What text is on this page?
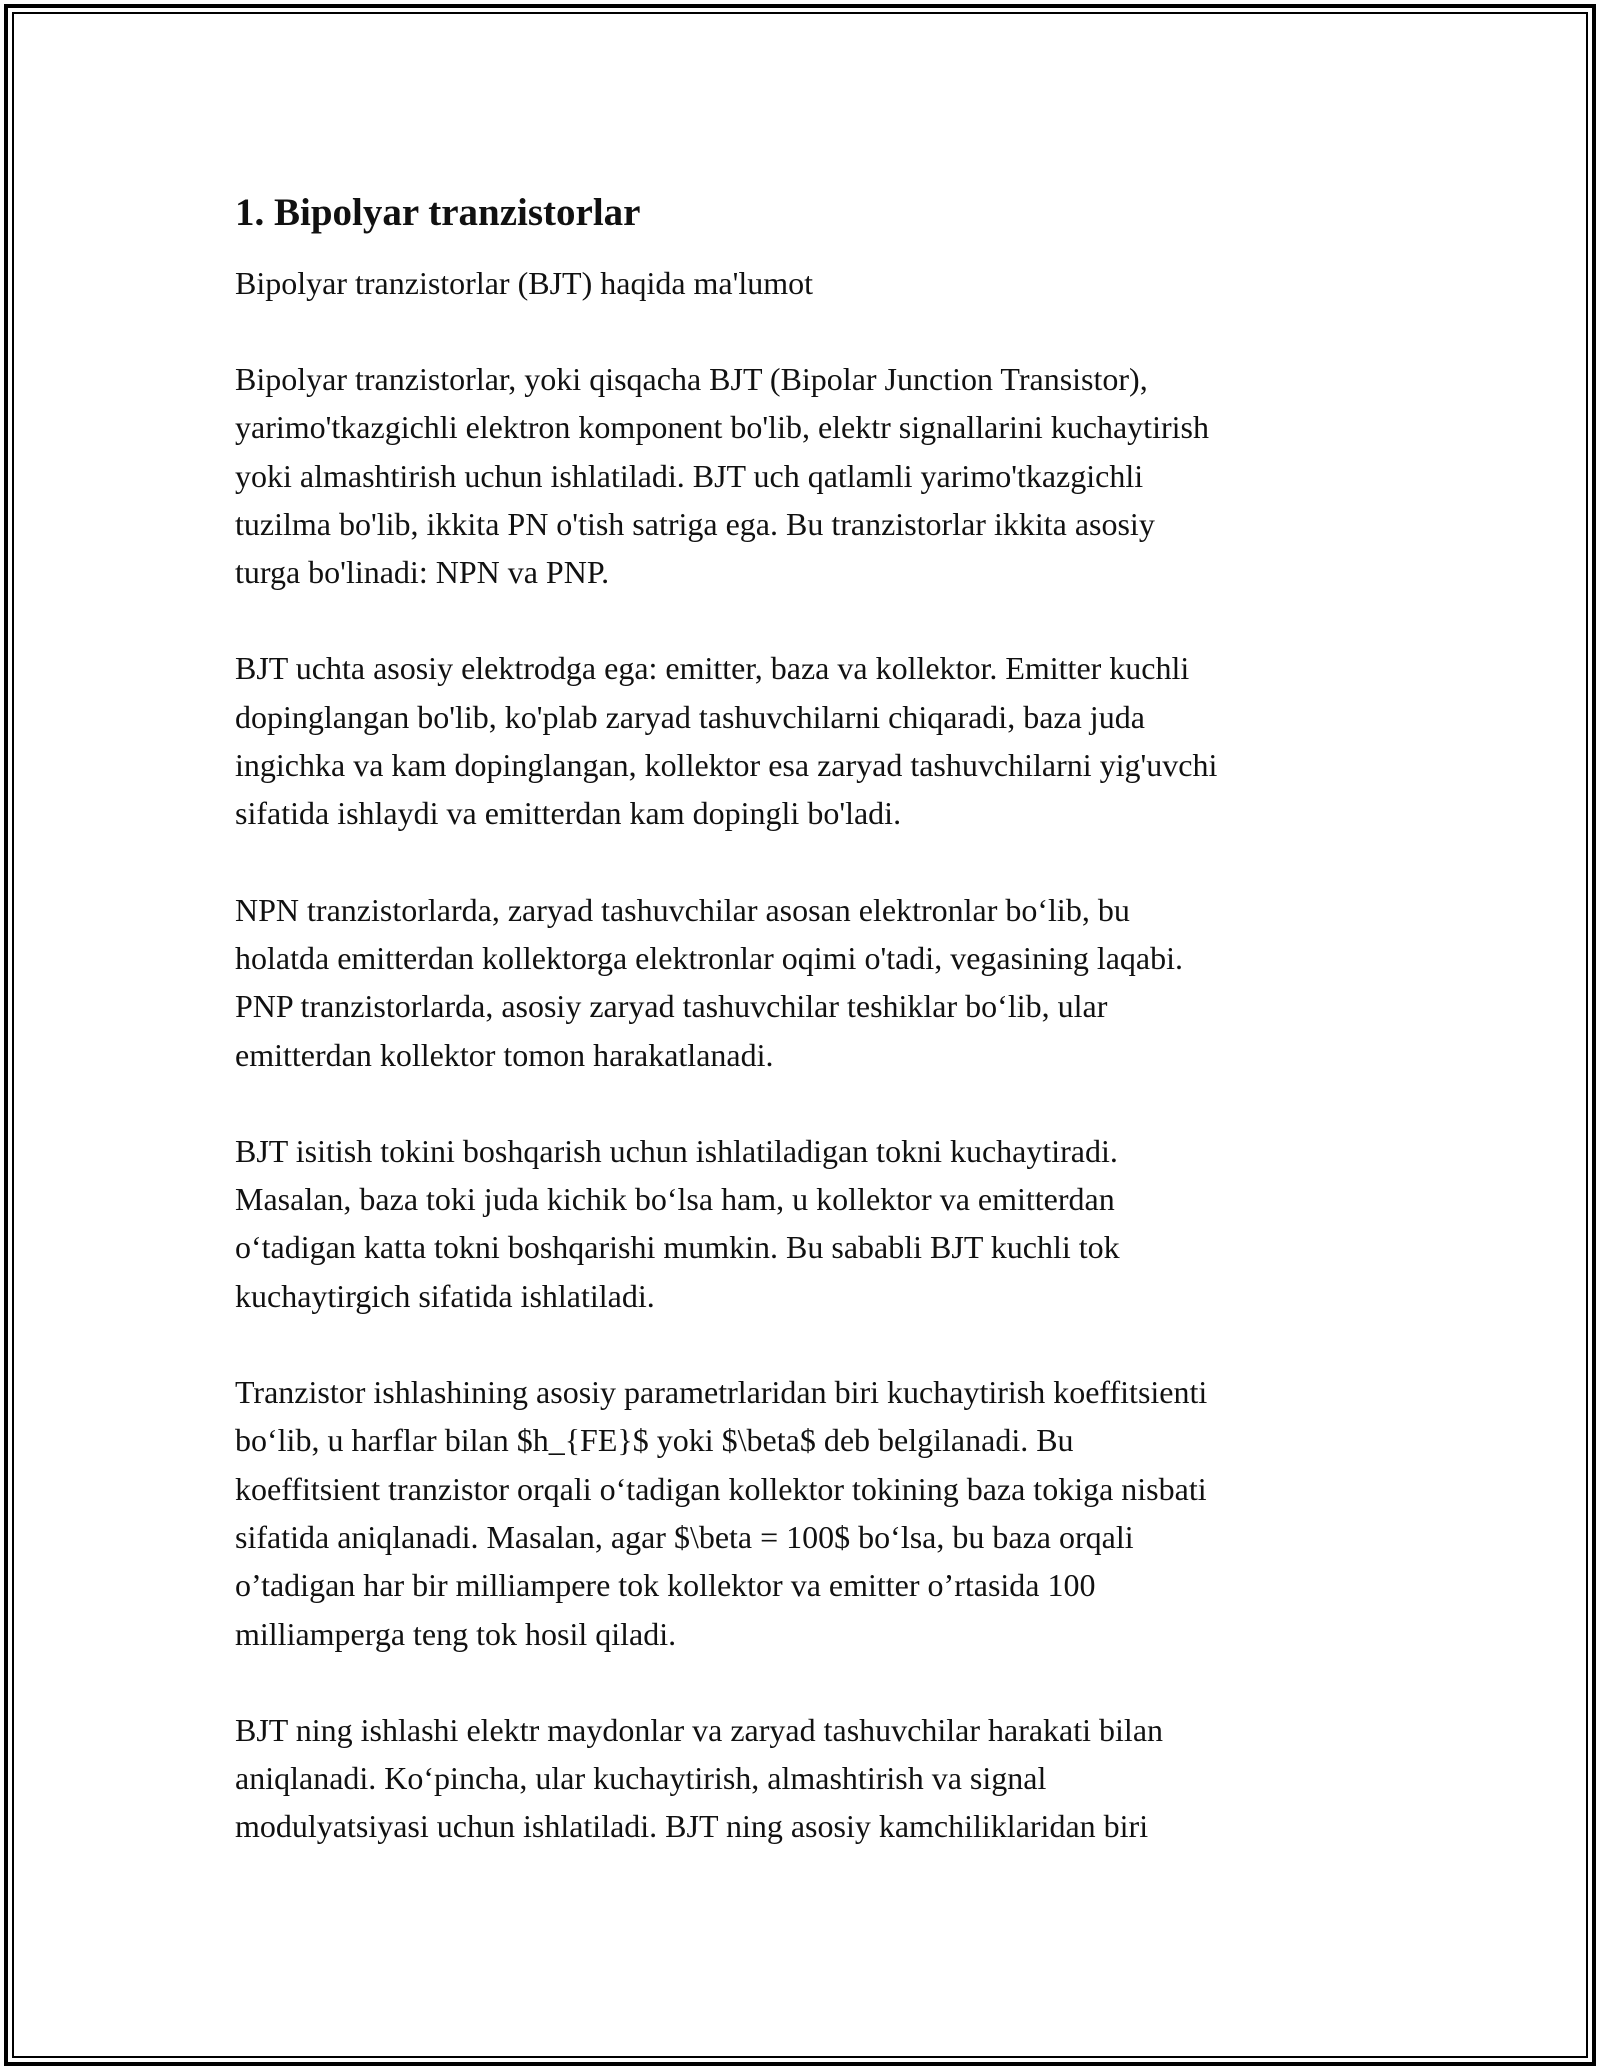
1. Bipolyar tranzistorlar
Bipolyar tranzistorlar (BJT) haqida ma'lumot
Bipolyar tranzistorlar, yoki qisqacha BJT (Bipolar Junction Transistor),
yarimo'tkazgichli elektron komponent bo'lib, elektr signallarini kuchaytirish
yoki almashtirish uchun ishlatiladi. BJT uch qatlamli yarimo'tkazgichli
tuzilma bo'lib, ikkita PN o'tish satriga ega. Bu tranzistorlar ikkita asosiy
turga bo'linadi: NPN va PNP.
BJT uchta asosiy elektrodga ega: emitter, baza va kollektor. Emitter kuchli
dopinglangan bo'lib, ko'plab zaryad tashuvchilarni chiqaradi, baza juda
ingichka va kam dopinglangan, kollektor esa zaryad tashuvchilarni yig'uvchi
sifatida ishlaydi va emitterdan kam dopingli bo'ladi.
NPN tranzistorlarda, zaryad tashuvchilar asosan elektronlar bo‘lib, bu
holatda emitterdan kollektorga elektronlar oqimi o'tadi, vegasining laqabi.
PNP tranzistorlarda, asosiy zaryad tashuvchilar teshiklar bo‘lib, ular
emitterdan kollektor tomon harakatlanadi.
BJT isitish tokini boshqarish uchun ishlatiladigan tokni kuchaytiradi.
Masalan, baza toki juda kichik bo‘lsa ham, u kollektor va emitterdan
o‘tadigan katta tokni boshqarishi mumkin. Bu sababli BJT kuchli tok
kuchaytirgich sifatida ishlatiladi.
Tranzistor ishlashining asosiy parametrlaridan biri kuchaytirish koeffitsienti
bo‘lib, u harflar bilan $h_{FE}$ yoki $\beta$ deb belgilanadi. Bu
koeffitsient tranzistor orqali o‘tadigan kollektor tokining baza tokiga nisbati
sifatida aniqlanadi. Masalan, agar $\beta = 100$ bo‘lsa, bu baza orqali
o’tadigan har bir milliampere tok kollektor va emitter o’rtasida 100
milliamperga teng tok hosil qiladi.
BJT ning ishlashi elektr maydonlar va zaryad tashuvchilar harakati bilan
aniqlanadi. Ko‘pincha, ular kuchaytirish, almashtirish va signal
modulyatsiyasi uchun ishlatiladi. BJT ning asosiy kamchiliklaridan biri
